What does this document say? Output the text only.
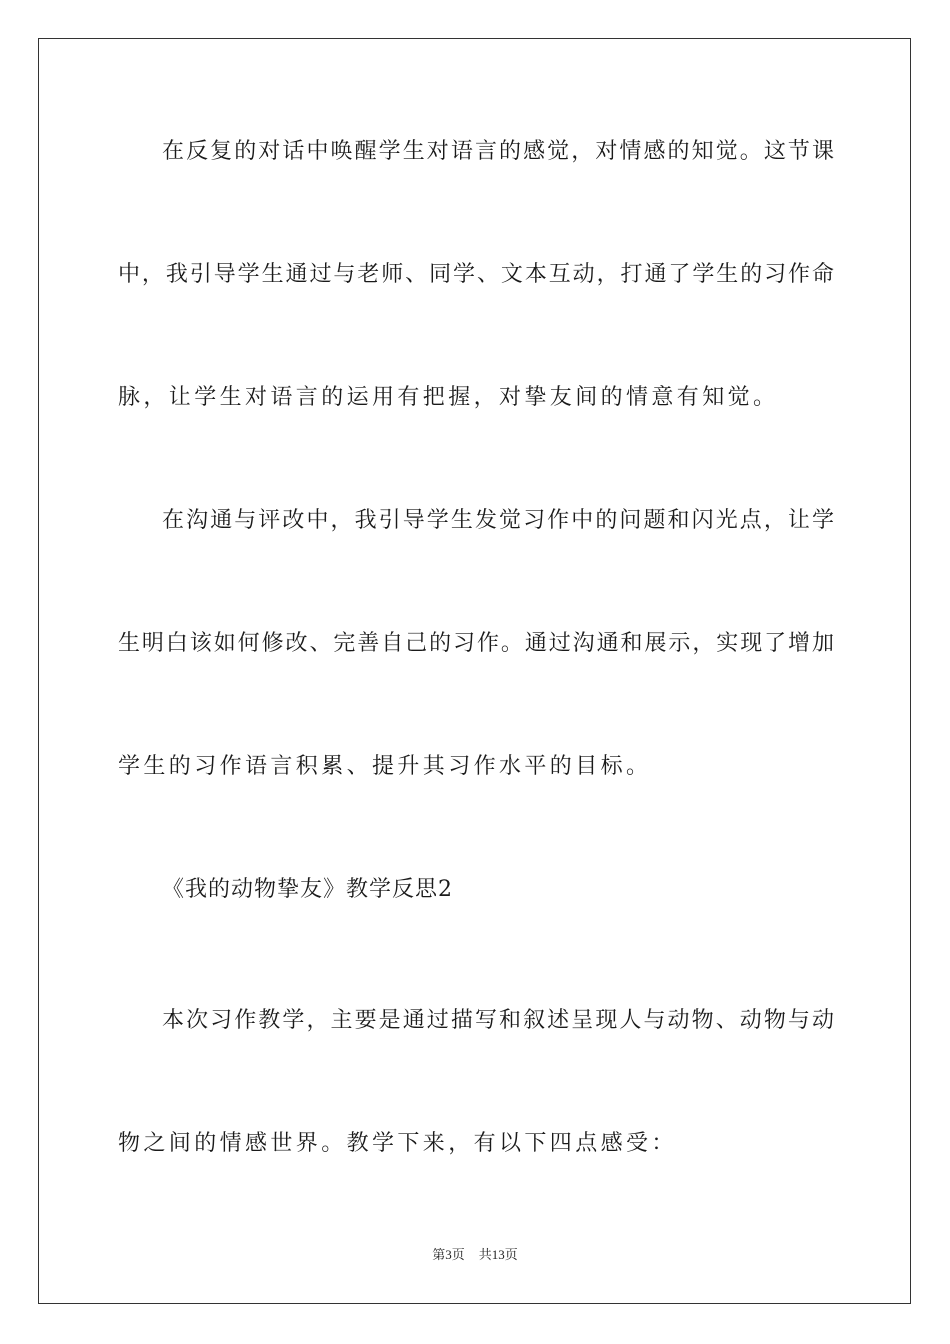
在反复的对话中唤醒学生对语言的感觉，对情感的知觉。这节课
中，我引导学生通过与老师、同学、文本互动，打通了学生的习作命
脉，让学生对语言的运用有把握，对挚友间的情意有知觉。
在沟通与评改中，我引导学生发觉习作中的问题和闪光点，让学
生明白该如何修改、完善自己的习作。通过沟通和展示，实现了增加
学生的习作语言积累、提升其习作水平的目标。
《我的动物挚友》教学反思2
本次习作教学，主要是通过描写和叙述呈现人与动物、动物与动
物之间的情感世界。教学下来，有以下四点感受：
第3页 共13页
